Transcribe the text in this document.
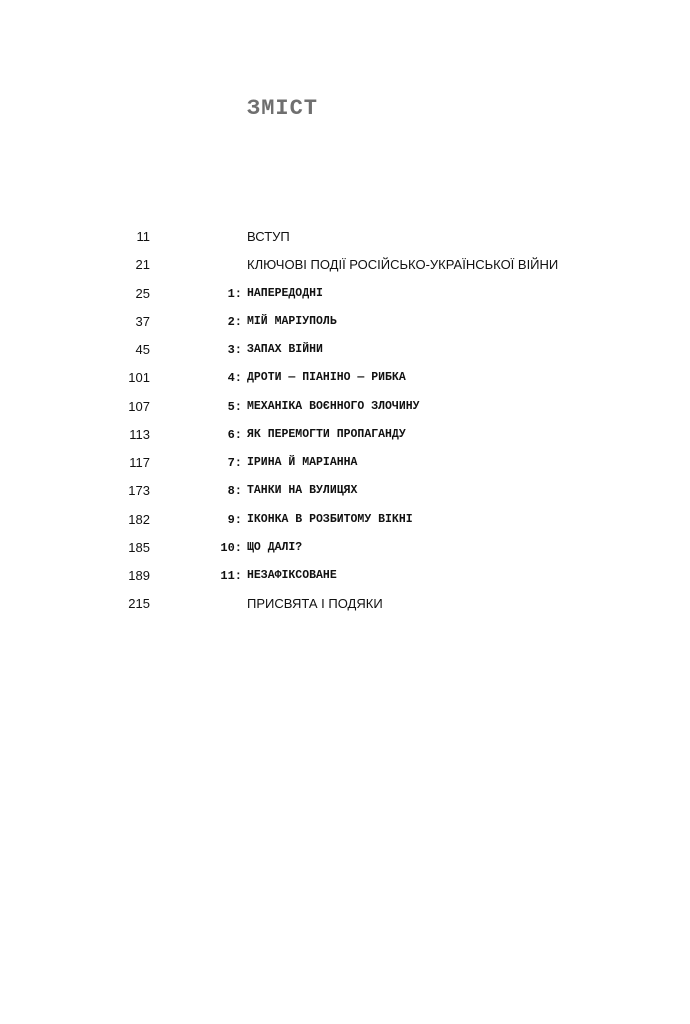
ЗМІСТ
11	ВСТУП
21	КЛЮЧОВІ ПОДІЇ РОСІЙСЬКО-УКРАЇНСЬКОЇ ВІЙНИ
25	1: НАПЕРЕДОДНІ
37	2: МІЙ МАРІУПОЛЬ
45	3: ЗАПАХ ВІЙНИ
101	4: ДРОТИ — ПІАНІНО — РИБКА
107	5: МЕХАНІКА ВОЄННОГО ЗЛОЧИНУ
113	6: ЯК ПЕРЕМОГТИ ПРОПАГАНДУ
117	7: ІРИНА Й МАРІАННА
173	8: ТАНКИ НА ВУЛИЦЯХ
182	9: ІКОНКА В РОЗБИТОМУ ВІКНІ
185	10: ЩО ДАЛІ?
189	11: НЕЗАФІКСОВАНЕ
215	ПРИСВЯТА І ПОДЯКИ
